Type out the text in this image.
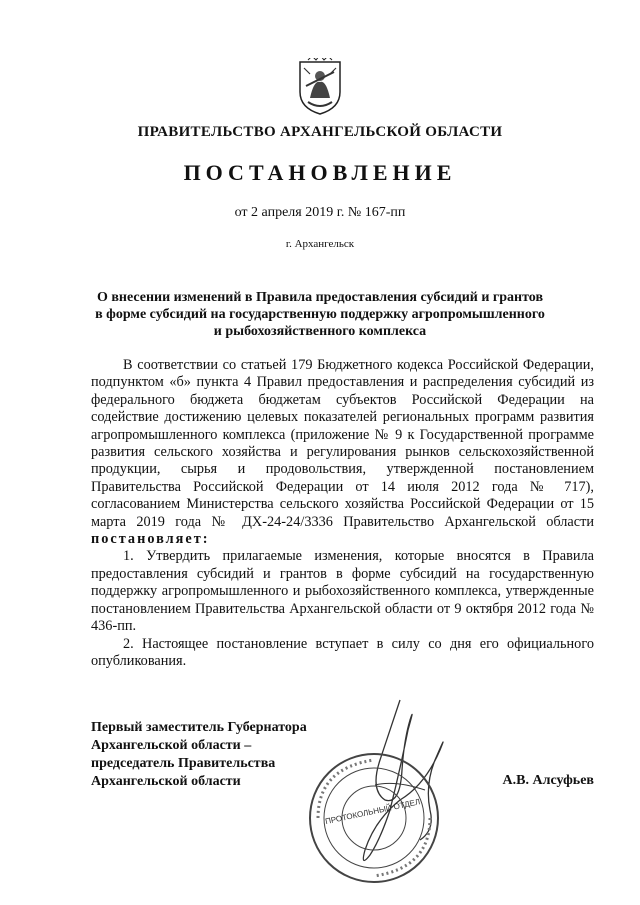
ПРАВИТЕЛЬСТВО АРХАНГЕЛЬСКОЙ ОБЛАСТИ
ПОСТАНОВЛЕНИЕ
от 2 апреля 2019 г. № 167-пп
г. Архангельск
О внесении изменений в Правила предоставления субсидий и грантов
в форме субсидий на государственную поддержку агропромышленного
и рыбохозяйственного комплекса

В соответствии со статьей 179 Бюджетного кодекса Российской Федерации, подпунктом «б» пункта 4 Правил предоставления и распределения субсидий из федерального бюджета бюджетам субъектов Российской Федерации на содействие достижению целевых показателей региональных программ развития агропромышленного комплекса (приложение № 9 к Государственной программе развития сельского хозяйства и регулирования рынков сельскохозяйственной продукции, сырья и продовольствия, утвержденной постановлением Правительства Российской Федерации от 14 июля 2012 года № 717), согласованием Министерства сельского хозяйства Российской Федерации от 15 марта 2019 года № ДХ-24-24/3336 Правительство Архангельской области постановляет:

1. Утвердить прилагаемые изменения, которые вносятся в Правила предоставления субсидий и грантов в форме субсидий на государственную поддержку агропромышленного и рыбохозяйственного комплекса, утвержденные постановлением Правительства Архангельской области от 9 октября 2012 года № 436-пп.

2. Настоящее постановление вступает в силу со дня его официального опубликования.

ПРОТОКОЛЬНЫЙ ОТДЕЛ
Первый заместитель Губернатора
Архангельской области –
председатель Правительства
Архангельской области	А.В. Алсуфьев
